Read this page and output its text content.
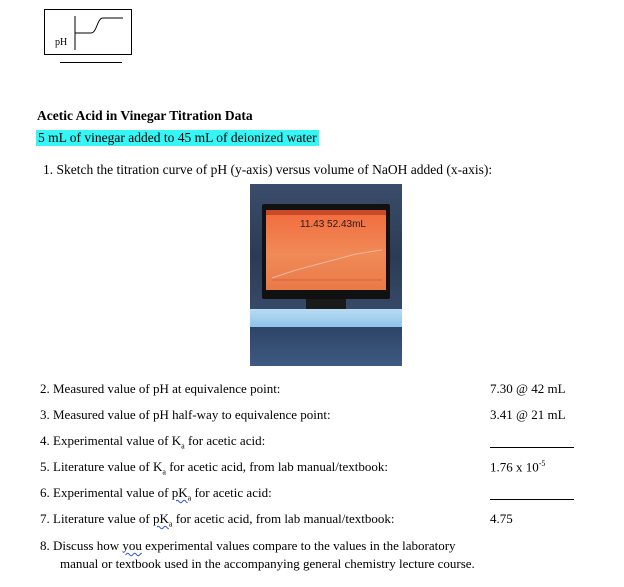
pH
Acetic Acid in Vinegar Titration Data
5 mL of vinegar added to 45 mL of deionized water
1. Sketch the titration curve of pH (y-axis) versus volume of NaOH added (x-axis):
11.43 52.43mL
2. Measured value of pH at equivalence point:	7.30 @ 42 mL
3. Measured value of pH half-way to equivalence point:	3.41 @ 21 mL
4. Experimental value of $K_a$ for acetic acid:
5. Literature value of $K_a$ for acetic acid, from lab manual/textbook:	1.76 x $10^{-5}$
6. Experimental value of $pK_a$ for acetic acid:
7. Literature value of $pK_a$ for acetic acid, from lab manual/textbook:	4.75
8. Discuss how you experimental values compare to the values in the laboratory
manual or textbook used in the accompanying general chemistry lecture course.
